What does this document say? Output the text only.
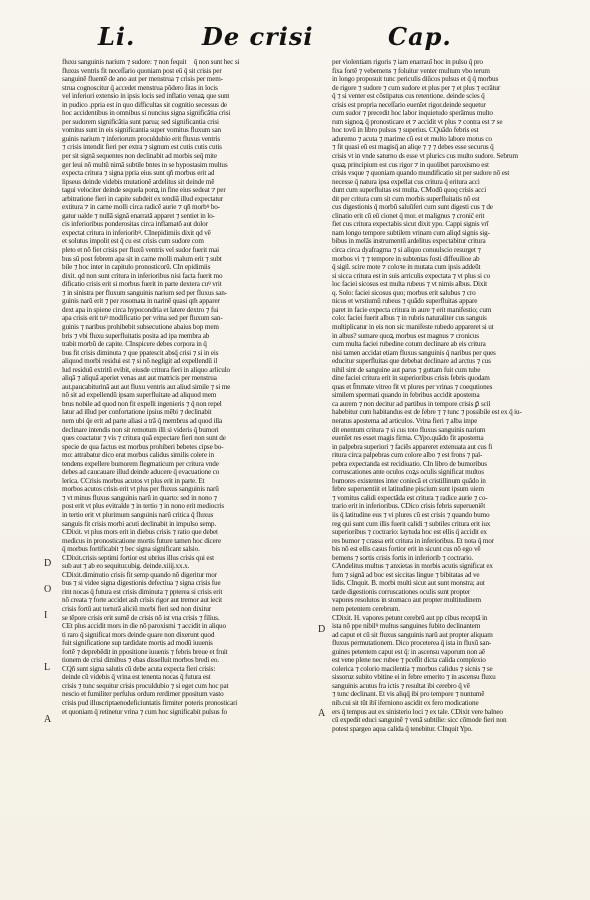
Li.	De crisi	Cap.
fluxu sanguinis narium ⁊ sudore: ⁊ non fequit᷑ q̄ non sunt hec si
fluxus ventris fit neceſſario quoniam post eū q̄ sit crisis per
sanguinē fluentē de ano aut per menstrua ⁊ crisis per mem-
strua cognoscitur q̄ accedet menstrua pōdero ſitas in locis
vel inferiori extensio in ipsis locis sed inflatio venaꝝ que sunt
in pudico .ppria est in quo difficultas sit cognitio secessus de
hoc accidentibus in omnibus si nuncius signa significātia crisi
per sudorem significātia sunt parua; sed significantia crisi
vomitus sunt in eis significantia super vomitus fluxum san
guinis narium ⁊ inferiorum proculdubio erit fluxus ventris
⁊ crisis intendit fieri per extra ⁊ signum est cutis cutis cutis
per sit signā sequentes non declinabit ad morbis seq̄ mite
ger leui nō multū nimā subtile bntes in se hypostasim multus
expecta critura ⁊ signa ppria eius sunt qñ morbus erit ad
lipseus deinde videbis mutationē ardelitus sit deinde mē
tagui velociter deinde sequela ponꝝ in fine eius sedeat ⁊ per
arbitratione fieri in capite subdeit ex tendiā illud expectatur
extitura ⁊ in carne molli circa radicē aurie ⁊ qñ morbꝰ bo-
gatur ualde ⁊ nullā signā enarratā apparet ⁊ sentiet in lo-
cis inferioribus ponderositas circa inflamatō aut dolor
expectat critura in inferioribꝰ. CInepidimiis dixit qd vē
et solutus impolit est q̄ cu est crisis cum sudore com
pleto et nō fiet crisis per fluxū ventris vel sudor fuerit mai
bus sū post febrem apa sit in carne molli malum erit ⁊ subt
bile ⁊ hoc inter in capitulo pronosticorū. CIn epidimiis
dixit. qd non sunt critura in inferioribus nisi facta fuerit mo
dificatio crisis erit si morbus fuerit in parte dextera cuꝰ vrit
⁊ in sinistra per fluxum sanguinis narium sed per fluxus san-
guinis narū erit ⁊ per rosomata in narinē quasi qm̄ apparer
dext apa in spiene circa hypocondria et latere dextro ⁊ fui
apa crisis erit tuꝰ modificatio per vrina sed per fluxum san-
guinis ⁊ naribus prohibebit subsecutione abaius bop mem
bris ⁊ vbi fluxu superfluitatis posita ad ipa membra ab
trabit morbū de capite. CInspicere debes corpora in q̄
bus fit crisis diminuta ⁊ que ppatescit absq̄ crisi ⁊ si in eis
aliquod morbi residui est ⁊ si nō negligit ad expellendū il
lud residuū extritū evibit, eiusde critura fieri in aliquo arliculo
aliqā ⁊ aliquā aperiet venas aut aut matricis per menstrua
aut.paucabiturinā aut aut fluxu ventris aut aliud simile ⁊ si me
nō sit ad expellendū ipsam superfluitate ad aliquod mem
brus nobile ad quod non fit expelli ingenieris ⁊ q̄ non repel
latur ad illud per confortatione ipsius mēbi ⁊ declinabit
nem ubi q̄e erit ad parte aliasi a trā q̄ membrus ad quod illa
declinare intendis non sit remotum illi si videris q̄ bumori
ques coactatur ⁊ vis ⁊ critura quā expectare fieri non sunt de
specie de qua factus est morbus prohiberi bebetes cipse bo-
mo: attrabatur dico erat morbus calidus similis colere in
tendens expellere bumorem flegmaticum per critura vnde
debes ad caucauare illud deinde aducere q̄ evacuatione co
lerica. CCrisis morbus acutos vt plus erit in parte. Et
morbos acutos crisis erit vt plus per fluxus sanguinis narū
⁊ vt minus fluxus sanguinis narū in quarto: sed in nono ⁊
post erit vt plus evitralde ⁊ in tertio ⁊ in nono erit mediocris
in tertio erit vt plurimum sanguinis narū critica q̄ fluxus
sanguis fit crisis morbi acuti declinabit in impulso semp.
CDixit. vt plus mors erit in diebus crisis ⁊ ratio que debet
medicus in pronosticatione mortis future tamen hoc dicere
q̄ morbus fortificabit ⁊ bec signa significant salsio.
CDixit.crisis septimi fortior est ubrius illus crisis qui est
sub aut ⁊ ab eo sequitur.ubig. deinde.xiiij.xx.x.
CDixit.diminutio crisis fit semp quando nō digeritur mor
bus ⁊ si videe signa digestionis defectiua ⁊ signa crisis fue
rint nocas q̄ futura est crisis diminuta ⁊ ppterea si crisis erit
nō creata ⁊ forte accidet ash crisis rigor aut tremor aut iecit
crisis fortū aut torturā aliciū morbi fieri sed non dixitur
se tēpore crisis erit sumē de crisis nō ist vna crisis ⁊ filius.
CEt plus accidit mors in die nō paroxismi ⁊ accidit in aliquo
ti raro q̄ significat mors deinde quare non dixerunt quod
fuit significatione sup tardidate mortis ad modū iuuenis
fortē ⁊ deprebēdit in ppositione iuuenis ⁊ febris breue et fruit
tionem de crisi dimibus ⁊ ebas disselluit morbos bredi eo.
CQñ sunt signa salutis cū debe acuta expecta fieri crisis:
deinde cū videbis q̄ vrina est tenenta nocas q̄ futura est
crisis ⁊ tunc sequitur crisis proculdubio ⁊ si eget cum hoc pat
nescio et fumiliter perfulus ordum rerdimer ppositum vasto
crisis pud illuscriptaenodeficiuntatis firmiter poteris pronosticari
et quoniam q̄ retinetur vrina ⁊ cum hoc significabit pulsus fo
per violentiam rigoris ⁊ iam enarrauī hoc in pulsu q̄ pro
fixa fortē ⁊ vebemens ⁊ foluitur venter multum vbo terum
in longo proposuit tunc periculis diūcos pulsus et q̄ q̄ morbus
de rigore ⁊ sudore ⁊ cum sudore et plus per ⁊ et plus ⁊ ecrātur
q̄ ⁊ si venter est cōstipatus cus retentione. deinde scies q̄
crisis est propria neceſſario euenīet rigor.deinde sequetur
cum sudor ⁊ precedit hoc labor inquietudo sperāmus multo
rum signoꝝ q̄ pronosticare et ⁊ accidit vt plus ⁊ contra est ⁊ se
hoc tovū in libro pulsus ⁊ superius. CQuādo febris est
aduremo ⁊ acuta ⁊ marime cū est et multo labore motus co
⁊ fit quasi eū est magisq̄ an aliqe ⁊ ⁊ ⁊ debes esse securus q̄
crisis vt in vnde saturno ds esse vt plurics cus multo sudore. Sebrum
quaꝝ principium est cus rigor ⁊ in quolibet paroxismo est
crisis vsque ⁊ quoniam quando mundificatio sit per sudore nō est
necesse q̄ natura ipsa expellat cus critura q̄ eritura acci
dunt cum superfluitas est multa. CModū quoq crisis acci
dit per critura cum sit cum morbis superfluitatis nō est
cus digestionis q̄ morbū saluūferi cum sunt digesti cus ⁊ de
clinatio erit cū eū cionet q̄ mor. et malignus ⁊ cronic̄ erit
fiet cus critura expectabis sicut dixit ypo. Cappi signis vrī
nam longo tempore subtilem vrinam cum aliqd signis sig-
bibus in melās instrumentū ardelitus expectabitur critura
circa circa dyafragma ⁊ si aliquo conuulscio resurget ⁊
morbos vi ⁊ ⁊ tempore in subtentas fosti diffeuilioe ab
q̄ sigil. scire mote ⁊ coloꝛe in mutata cum ipsis addeūt
si sicca critura est in suis arriculis expectata ⁊ vt plus si co
loc faciei sicosus est multa rubeus ⁊ vt nimis albus. Dixit
q. Solo: faciei sicosus quo; morbus erit salubus ⁊ cro
nicus et wrstiumū rubeus ⁊ quādo superfluitas appare
paret in facie expecta critura in aure ⁊ erit manifestio; cum
colo: faciei fuerit albus ⁊ in rubris naturaliter cus sanguis
multiplicatur in eis non sic manifeste rubedo appareret si ut
in albus? sumare quoꝝ morbus est magnus ⁊ cronicus
cum multa faciei rubedine cotum declinare ab eis critura
nisi tamen accidat etiam fluxus sanguinis q̄ naribus per ques
educitur superfluitas que debebat declinare ad arctus ⁊ cus
nihil sint de sanguine aut parus ⁊ guttam fuit cum tube
dine faciei critura erit in superioribus crisis febris quodam
quas et f̄mmate vitreo fit vt plures per vrinas ⁊ coequtiones
similem spermati quando in febribus accidit apostema
ca aurem ⁊ non decitur ad partibus in tempore crisis ꝑ̄ scil
habebitur cum habitandus est de febre ⁊ ⁊ tunc ⁊ possibile est ex q̄ iu-
neratus apostema ad articulos. Vrina fieri ⁊ alba impe
dit enentum critura ⁊ si cus toto fluxus sanguinis narium
euenīet res esset magis firma. CYpo.quādo fit apostema
in palpebra superiori ⁊ faciēs appareret extenuata aut cus fi
ritura circa palpebras cum colore albo ⁊ est frons ⁊ pal-
pebra expectanda est recidiuatio. CIn libro de bumoribus
corruscationes ante oculos coꝝs oculis significat multos
bumores existentes inter coniecā et cristillinum quādo in
febre superuentiit et latitudine piscium sunt ipsum uiem
⁊ vomitus calidi expectāda est critura ⁊ radice aurie ⁊ co-
trario erit in inferioribus. CDico crisis febris superueniēt
iis q̄ latitudine eus ⁊ vi plures cū est crisis ⁊ quando bumo
reg qui sunt cum illis fuerit calidi ⁊ subtiles critura erit iux
superioribus ⁊ coctrario: laytuda hoc est ellis q̄ accidit ex
res bumor ⁊ crassa erit critura in inferioribus. Et nota q̄ mor
bis nō est ellis casus fortior erit in sicunt cus nō ego vē
bemens ⁊ sortis crisis fortis in inferiorib ⁊ coctrario.
CAndelitus multus ⁊ anxietas in morbis acutis significat ex
fum ⁊ signā ad boc est siccitas lingue ⁊ bibitatas ad ve
lidis. CInquit. B. morbi multi sicut aut sunt monstra; aut
tarde digestionis corruscationes oculis sunt propter
vapores resolutos in stomaco aut propter multitudinem
nem petentem cerebrum.
CDixit. H. vapores petunt cerebrū aut pp cibus receptā in
ista nō ppe nibilꝰ multus sanguines fubito declinantem
ad caput et cū sit fluxus sanguinis narū aut propter aliquam
fluxus permutationem. Dico proceterea q̄ ista in fluxū san-
guines petentem caput est q̄: in ascensu vaporum non aē
est vene plene nec rubee ⁊ pceſſit dicta calida complexio
colerica ⁊ colorio macilentia ⁊ morbus calidus ⁊ sicnis ⁊ se
sissoruz subito vbitine ei in febre emerito ⁊ in ascensu fluxu
sanguinis acutus fra ictis ⁊ resultat ibi cerebro q̄ vē
⁊ tunc declinant. Et vis aliqq̄ ibi pro tempore ⁊ nuntumē
nib.cui sit tūt ibī iferniono ascidit ex fero modicatione
ers q̄ tempus aut ex sinisterio loci ⁊ ex tale. CDixit vere balneo
cū expedit educi sanguinē ⁊ venā subtilie: sicc cōmode fieri non
potest spargeo aqua calida q̄ tenebitur. CInquit Ypo.
D
O
I
L
A
D
A
